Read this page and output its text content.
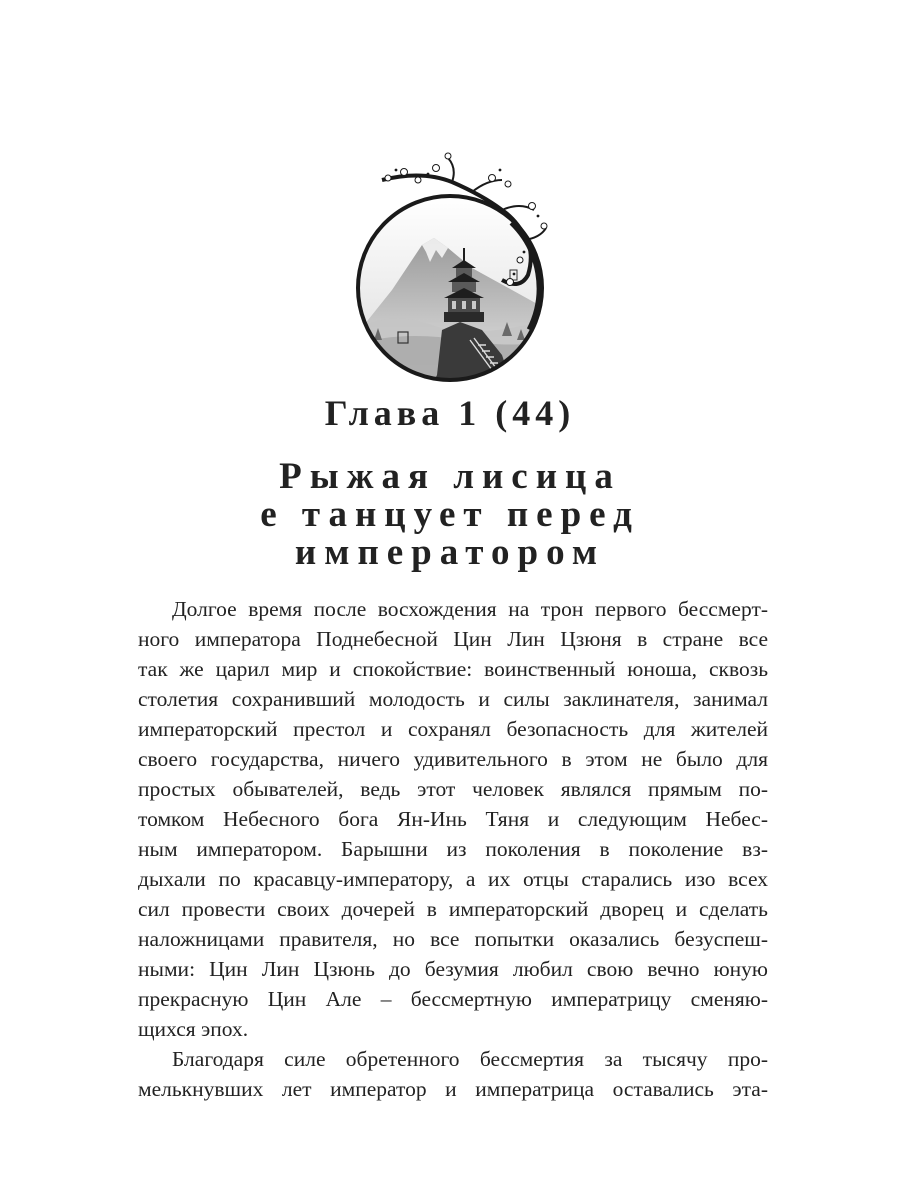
Глава 1 (44)
Рыжая лисица
е танцует перед
императором

Долгое время после восхождения на трон первого бессмерт-
ного императора Поднебесной Цин Лин Цзюня в стране все
так же царил мир и спокойствие: воинственный юноша, сквозь
столетия сохранивший молодость и силы заклинателя, занимал
императорский престол и сохранял безопасность для жителей
своего государства, ничего удивительного в этом не было для
простых обывателей, ведь этот человек являлся прямым по-
томком Небесного бога Ян-Инь Тяня и следующим Небес-
ным императором. Барышни из поколения в поколение вз-
дыхали по красавцу-императору, а их отцы старались изо всех
сил провести своих дочерей в императорский дворец и сделать
наложницами правителя, но все попытки оказались безуспеш-
ными: Цин Лин Цзюнь до безумия любил свою вечно юную
прекрасную Цин Але – бессмертную императрицу сменяю-
щихся эпох.

Благодаря силе обретенного бессмертия за тысячу про-
мелькнувших лет император и императрица оставались эта-
